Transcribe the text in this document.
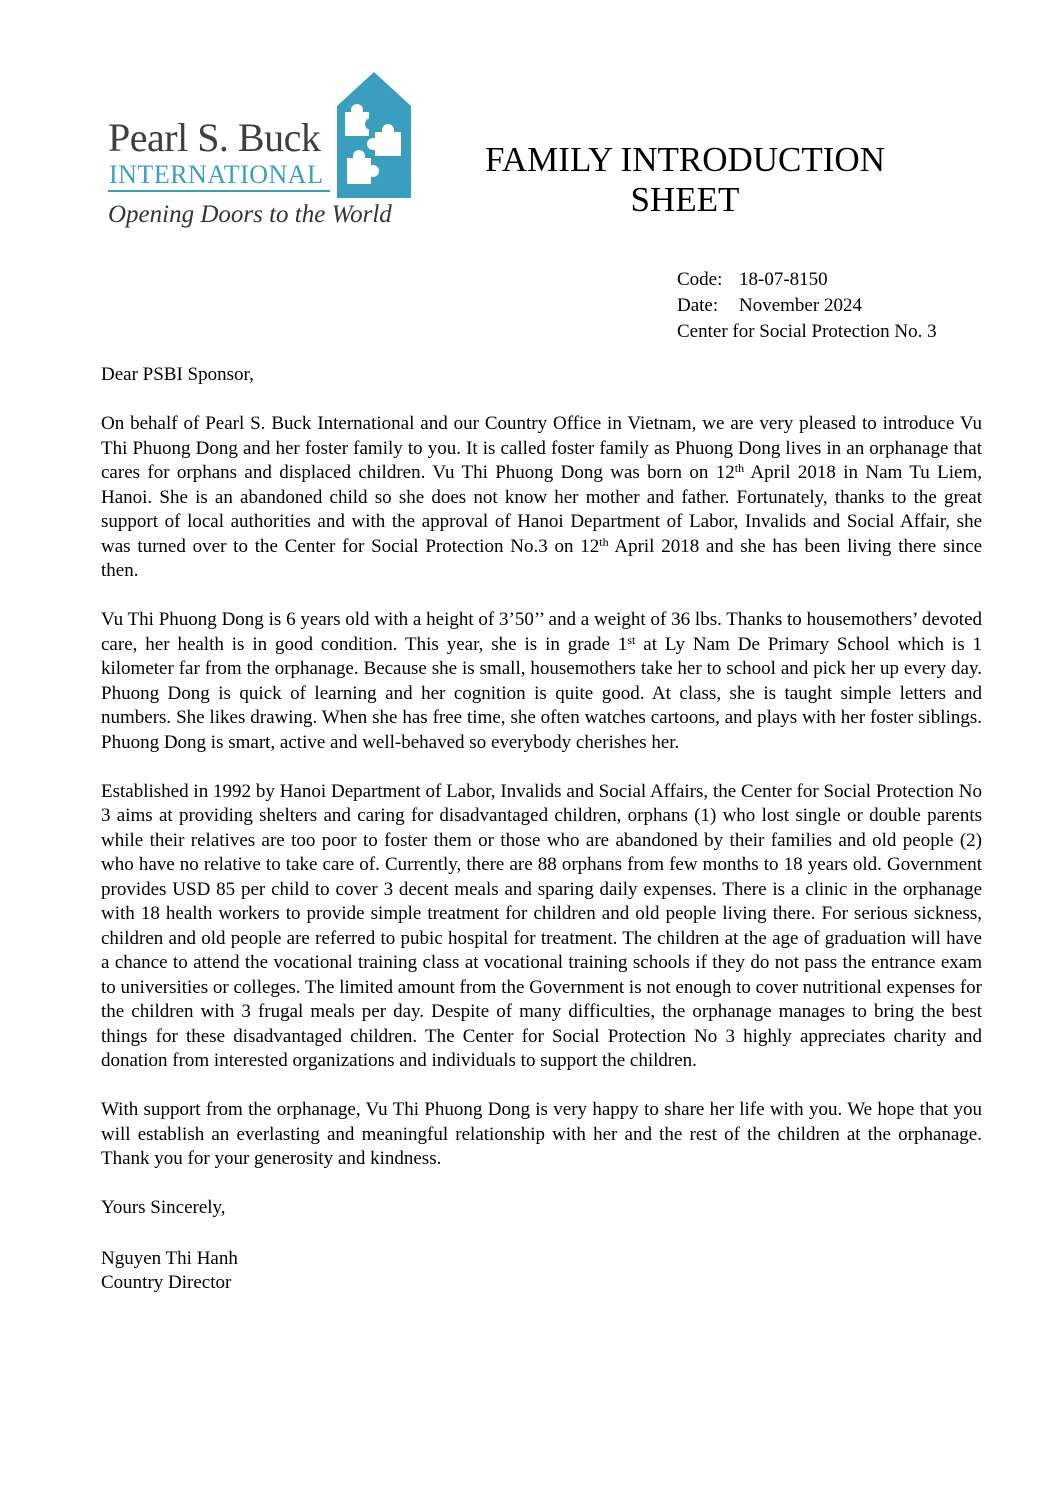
Pearl S. Buck
INTERNATIONAL
Opening Doors to the World
FAMILY INTRODUCTION
SHEET
Code: 18-07-8150
Date: November 2024
Center for Social Protection No. 3

Dear PSBI Sponsor,

On behalf of Pearl S. Buck International and our Country Office in Vietnam, we are very pleased to introduce Vu Thi Phuong Dong and her foster family to you. It is called foster family as Phuong Dong lives in an orphanage that cares for orphans and displaced children. Vu Thi Phuong Dong was born on 12th April 2018 in Nam Tu Liem, Hanoi. She is an abandoned child so she does not know her mother and father. Fortunately, thanks to the great support of local authorities and with the approval of Hanoi Department of Labor, Invalids and Social Affair, she was turned over to the Center for Social Protection No.3 on 12th April 2018 and she has been living there since then.

Vu Thi Phuong Dong is 6 years old with a height of 3’50’’ and a weight of 36 lbs. Thanks to housemothers’ devoted care, her health is in good condition. This year, she is in grade 1st at Ly Nam De Primary School which is 1 kilometer far from the orphanage. Because she is small, housemothers take her to school and pick her up every day. Phuong Dong is quick of learning and her cognition is quite good. At class, she is taught simple letters and numbers. She likes drawing. When she has free time, she often watches cartoons, and plays with her foster siblings. Phuong Dong is smart, active and well-behaved so everybody cherishes her.

Established in 1992 by Hanoi Department of Labor, Invalids and Social Affairs, the Center for Social Protection No 3 aims at providing shelters and caring for disadvantaged children, orphans (1) who lost single or double parents while their relatives are too poor to foster them or those who are abandoned by their families and old people (2) who have no relative to take care of. Currently, there are 88 orphans from few months to 18 years old. Government provides USD 85 per child to cover 3 decent meals and sparing daily expenses. There is a clinic in the orphanage with 18 health workers to provide simple treatment for children and old people living there. For serious sickness, children and old people are referred to pubic hospital for treatment. The children at the age of graduation will have a chance to attend the vocational training class at vocational training schools if they do not pass the entrance exam to universities or colleges. The limited amount from the Government is not enough to cover nutritional expenses for the children with 3 frugal meals per day. Despite of many difficulties, the orphanage manages to bring the best things for these disadvantaged children. The Center for Social Protection No 3 highly appreciates charity and donation from interested organizations and individuals to support the children.

With support from the orphanage, Vu Thi Phuong Dong is very happy to share her life with you. We hope that you will establish an everlasting and meaningful relationship with her and the rest of the children at the orphanage. Thank you for your generosity and kindness.

Yours Sincerely,

Nguyen Thi Hanh
Country Director
